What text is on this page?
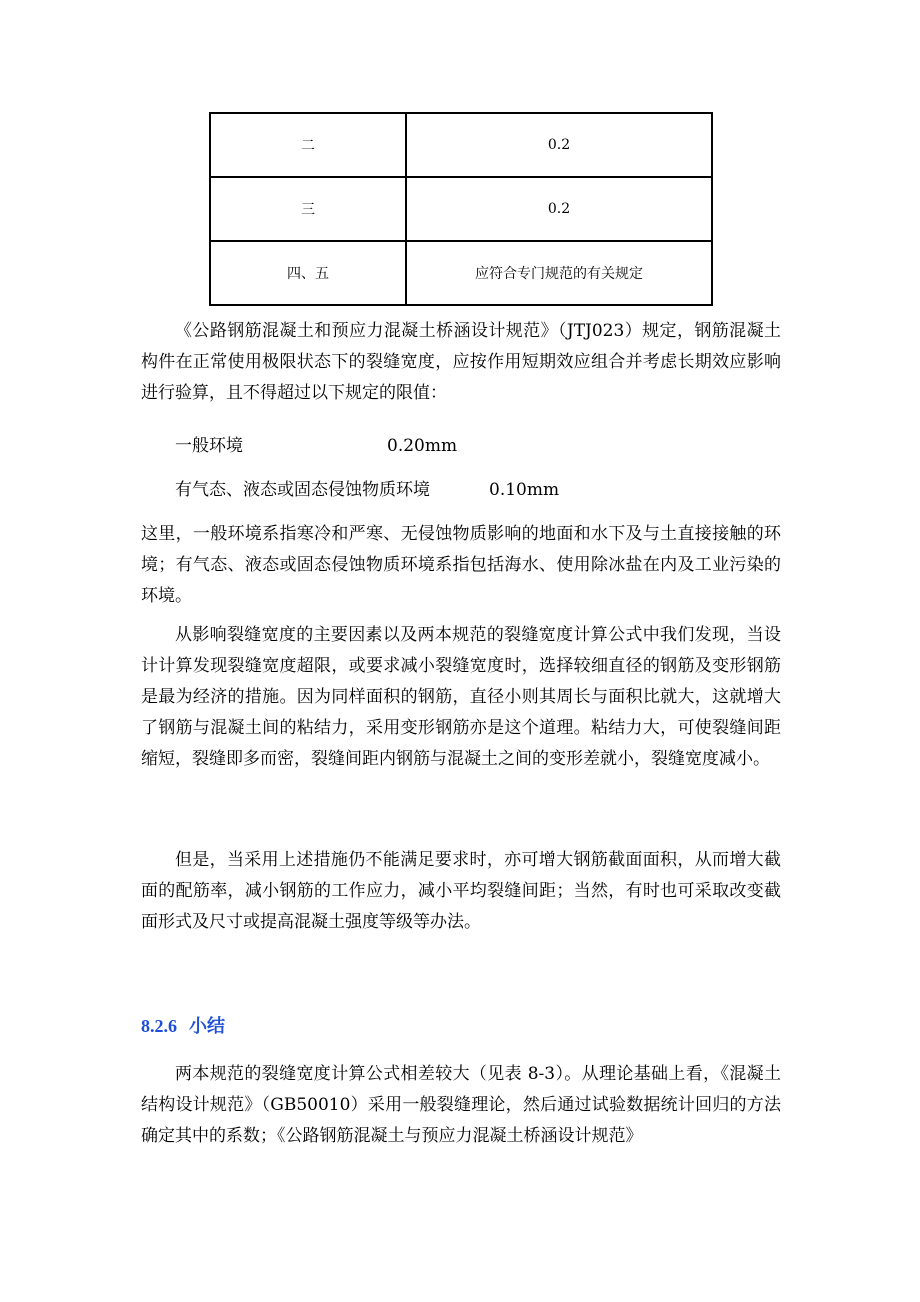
二	0.2
三	0.2
四、五	应符合专门规范的有关规定

《公路钢筋混凝土和预应力混凝土桥涵设计规范》（JTJ023）规定，钢筋混凝土构件在正常使用极限状态下的裂缝宽度，应按作用短期效应组合并考虑长期效应影响进行验算，且不得超过以下规定的限值：

一般环境	0.20mm

有气态、液态或固态侵蚀物质环境	0.10mm

这里，一般环境系指寒冷和严寒、无侵蚀物质影响的地面和水下及与土直接接触的环境；有气态、液态或固态侵蚀物质环境系指包括海水、使用除冰盐在内及工业污染的环境。

从影响裂缝宽度的主要因素以及两本规范的裂缝宽度计算公式中我们发现，当设计计算发现裂缝宽度超限，或要求减小裂缝宽度时，选择较细直径的钢筋及变形钢筋是最为经济的措施。因为同样面积的钢筋，直径小则其周长与面积比就大，这就增大了钢筋与混凝土间的粘结力，采用变形钢筋亦是这个道理。粘结力大，可使裂缝间距缩短，裂缝即多而密，裂缝间距内钢筋与混凝土之间的变形差就小，裂缝宽度减小。

但是，当采用上述措施仍不能满足要求时，亦可增大钢筋截面面积，从而增大截面的配筋率，减小钢筋的工作应力，减小平均裂缝间距；当然，有时也可采取改变截面形式及尺寸或提高混凝土强度等级等办法。

8.2.6 小结

两本规范的裂缝宽度计算公式相差较大（见表 8-3）。从理论基础上看，《混凝土结构设计规范》（GB50010）采用一般裂缝理论，然后通过试验数据统计回归的方法确定其中的系数；《公路钢筋混凝土与预应力混凝土桥涵设计规范》
